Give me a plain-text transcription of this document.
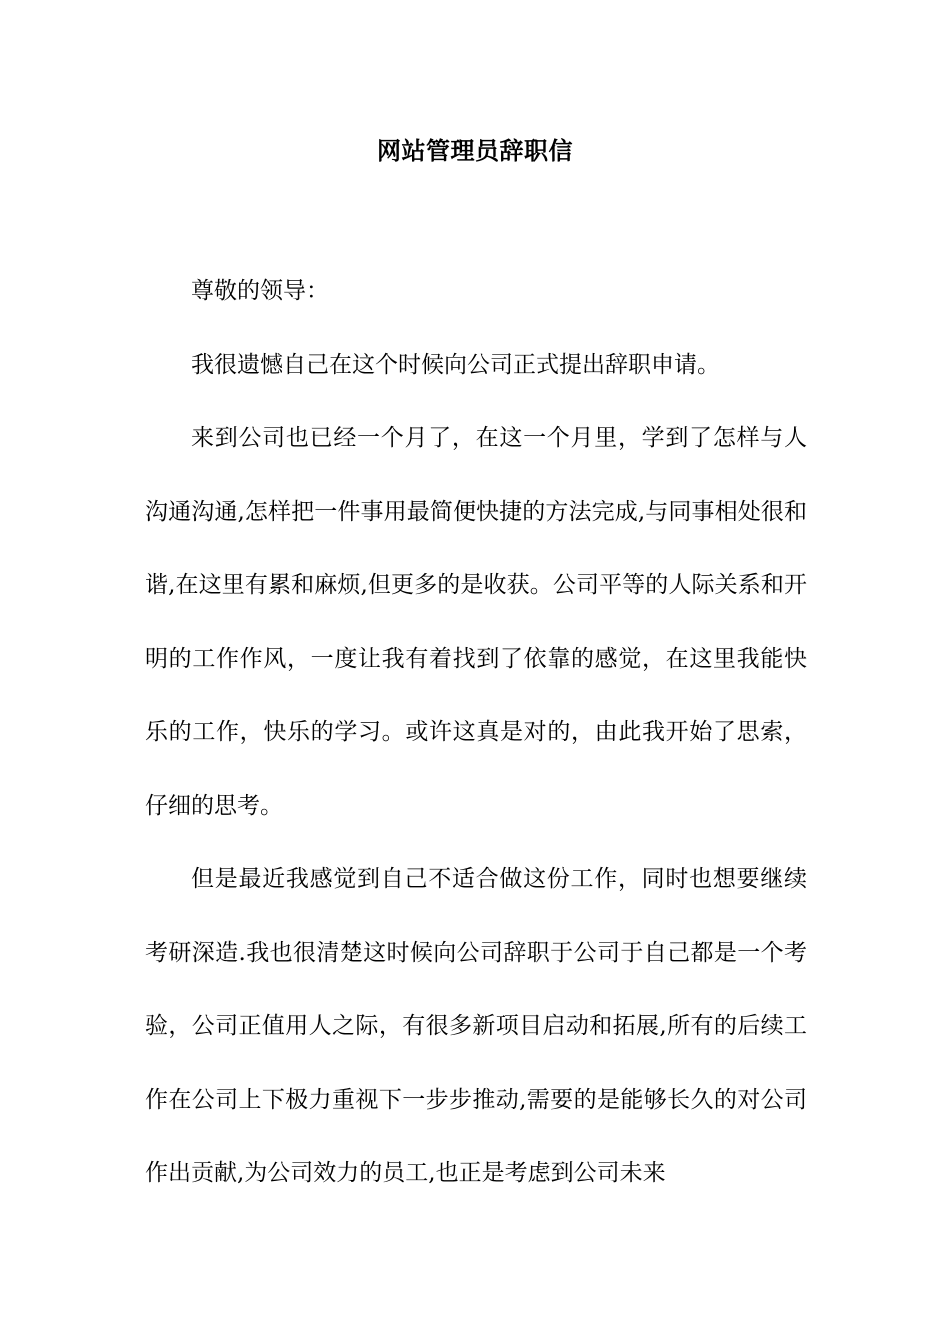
网站管理员辞职信

尊敬的领导：

我很遗憾自己在这个时候向公司正式提出辞职申请。

来到公司也已经一个月了，在这一个月里，学到了怎样与人沟通沟通,怎样把一件事用最简便快捷的方法完成,与同事相处很和谐,在这里有累和麻烦,但更多的是收获。公司平等的人际关系和开明的工作作风，一度让我有着找到了依靠的感觉，在这里我能快乐的工作，快乐的学习。或许这真是对的，由此我开始了思索，仔细的思考。

但是最近我感觉到自己不适合做这份工作，同时也想要继续考研深造.我也很清楚这时候向公司辞职于公司于自己都是一个考验，公司正值用人之际，有很多新项目启动和拓展,所有的后续工作在公司上下极力重视下一步步推动,需要的是能够长久的对公司作出贡献,为公司效力的员工,也正是考虑到公司未来
